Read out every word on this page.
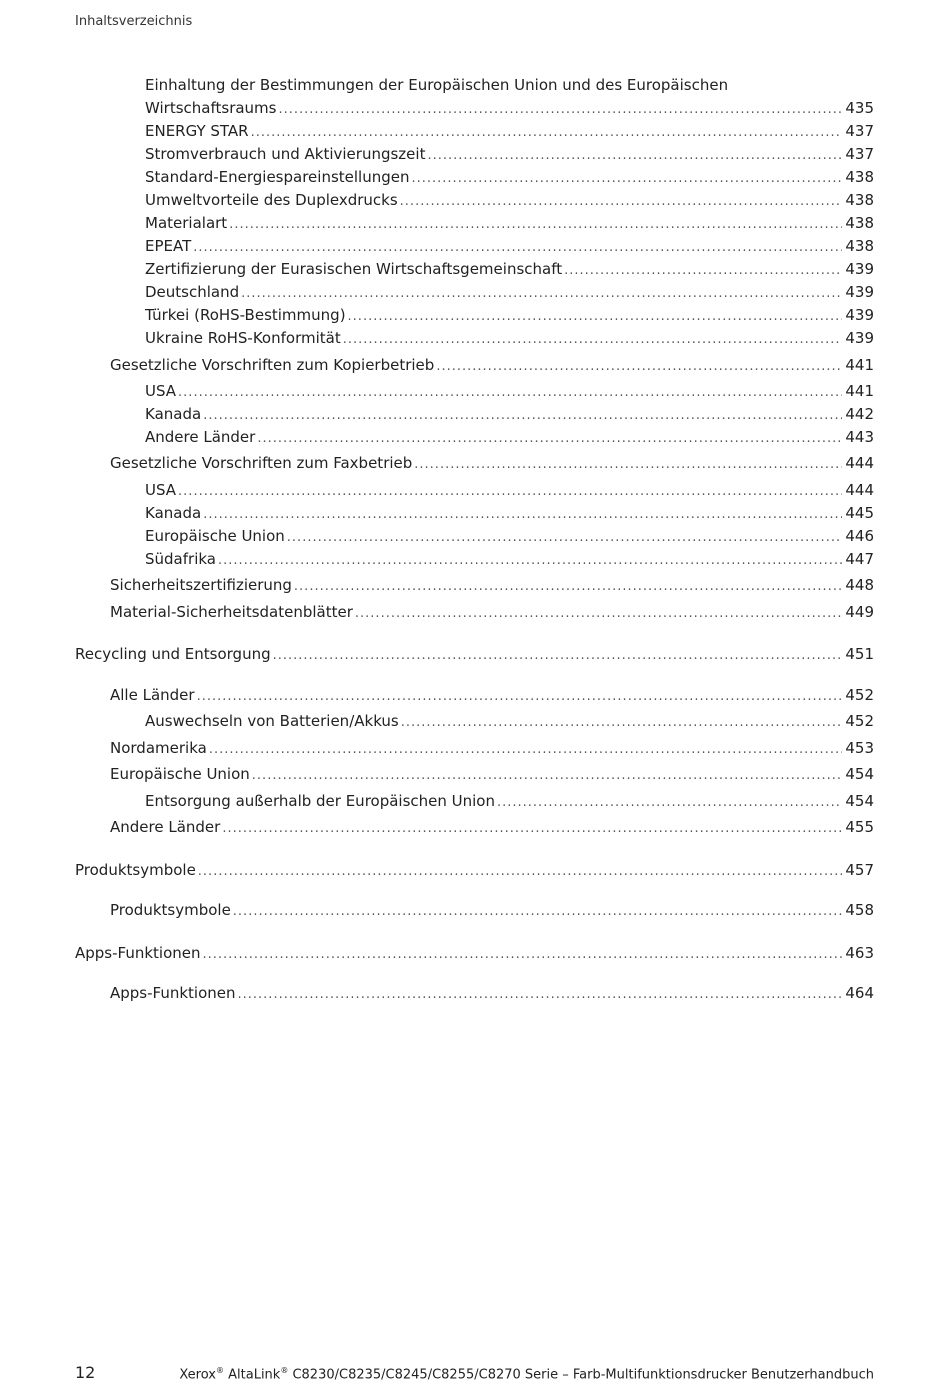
Inhaltsverzeichnis
Einhaltung der Bestimmungen der Europäischen Union und des Europäischen
Wirtschaftsraums .....	435
ENERGY STAR .....	437
Stromverbrauch und Aktivierungszeit .....	437
Standard-Energiespareinstellungen .....	438
Umweltvorteile des Duplexdrucks .....	438
Materialart .....	438
EPEAT .....	438
Zertifizierung der Eurasischen Wirtschaftsgemeinschaft .....	439
Deutschland .....	439
Türkei (RoHS-Bestimmung) .....	439
Ukraine RoHS-Konformität .....	439
Gesetzliche Vorschriften zum Kopierbetrieb .....	441
USA .....	441
Kanada .....	442
Andere Länder .....	443
Gesetzliche Vorschriften zum Faxbetrieb .....	444
USA .....	444
Kanada .....	445
Europäische Union .....	446
Südafrika .....	447
Sicherheitszertifizierung .....	448
Material-Sicherheitsdatenblätter .....	449
Recycling und Entsorgung .....	451
Alle Länder .....	452
Auswechseln von Batterien/Akkus .....	452
Nordamerika .....	453
Europäische Union .....	454
Entsorgung außerhalb der Europäischen Union .....	454
Andere Länder .....	455
Produktsymbole .....	457
Produktsymbole .....	458
Apps-Funktionen .....	463
Apps-Funktionen .....	464
12	Xerox® AltaLink® C8230/C8235/C8245/C8255/C8270 Serie – Farb-Multifunktionsdrucker Benutzerhandbuch
